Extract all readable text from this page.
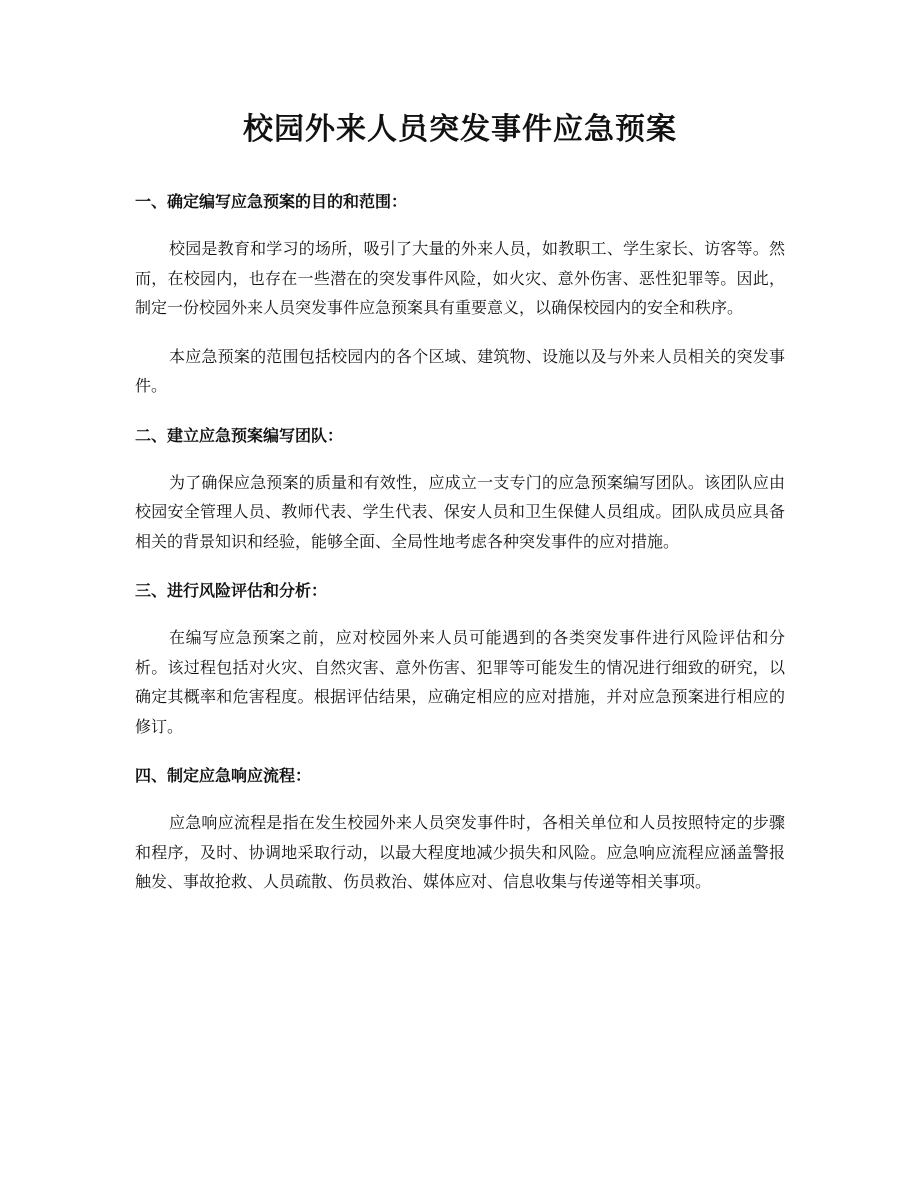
校园外来人员突发事件应急预案
一、确定编写应急预案的目的和范围：

校园是教育和学习的场所，吸引了大量的外来人员，如教职工、学生家长、访客等。然而，在校园内，也存在一些潜在的突发事件风险，如火灾、意外伤害、恶性犯罪等。因此，制定一份校园外来人员突发事件应急预案具有重要意义，以确保校园内的安全和秩序。

本应急预案的范围包括校园内的各个区域、建筑物、设施以及与外来人员相关的突发事件。

二、建立应急预案编写团队：

为了确保应急预案的质量和有效性，应成立一支专门的应急预案编写团队。该团队应由校园安全管理人员、教师代表、学生代表、保安人员和卫生保健人员组成。团队成员应具备相关的背景知识和经验，能够全面、全局性地考虑各种突发事件的应对措施。

三、进行风险评估和分析：

在编写应急预案之前，应对校园外来人员可能遇到的各类突发事件进行风险评估和分析。该过程包括对火灾、自然灾害、意外伤害、犯罪等可能发生的情况进行细致的研究，以确定其概率和危害程度。根据评估结果，应确定相应的应对措施，并对应急预案进行相应的修订。

四、制定应急响应流程：

应急响应流程是指在发生校园外来人员突发事件时，各相关单位和人员按照特定的步骤和程序，及时、协调地采取行动，以最大程度地减少损失和风险。应急响应流程应涵盖警报触发、事故抢救、人员疏散、伤员救治、媒体应对、信息收集与传递等相关事项。
